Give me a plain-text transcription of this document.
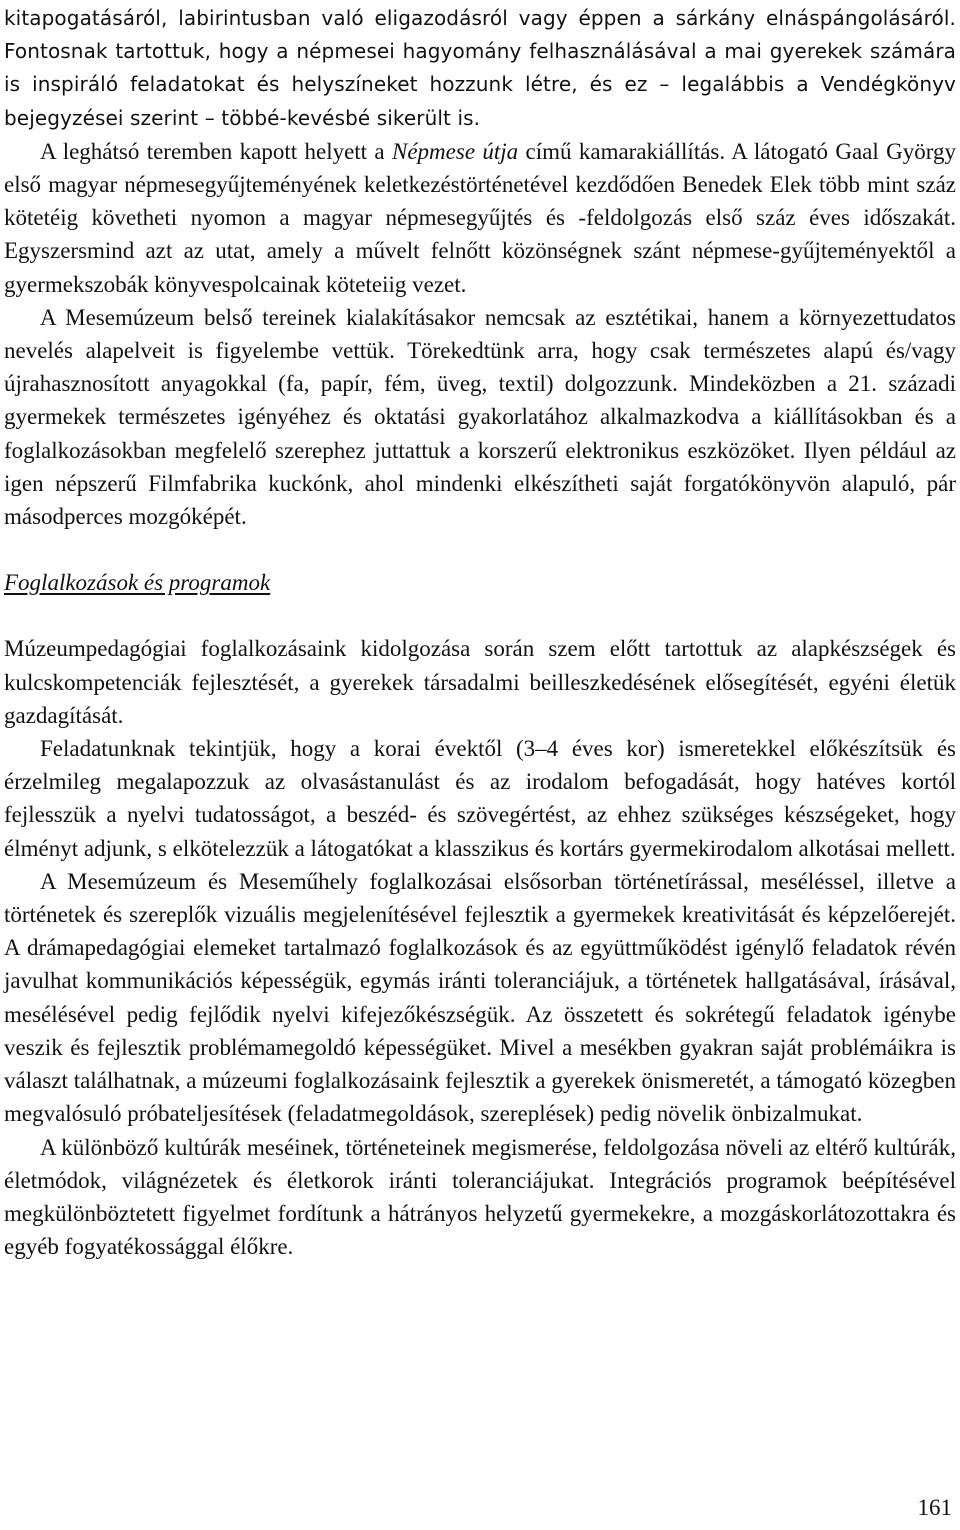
kitapogatásáról, labirintusban való eligazodásról vagy éppen a sárkány elnáspángolásáról. Fontosnak tartottuk, hogy a népmesei hagyomány felhasználásával a mai gyerekek számára is inspiráló feladatokat és helyszíneket hozzunk létre, és ez – legalábbis a Vendégkönyv bejegyzései szerint – többé-kevésbé sikerült is.

A leghátsó teremben kapott helyett a Népmese útja című kamarakiállítás. A látogató Gaal György első magyar népmesegyűjteményének keletkezéstörténetével kezdődően Benedek Elek több mint száz kötetéig követheti nyomon a magyar népmesegyűjtés és -feldolgozás első száz éves időszakát. Egyszersmind azt az utat, amely a művelt felnőtt közönségnek szánt népmese-gyűjteményektől a gyermekszobák könyvespolcainak köteteiig vezet.

A Mesemúzeum belső tereinek kialakításakor nemcsak az esztétikai, hanem a környezettudatos nevelés alapelveit is figyelembe vettük. Törekedtünk arra, hogy csak természetes alapú és/vagy újrahasznosított anyagokkal (fa, papír, fém, üveg, textil) dolgozzunk. Mindeközben a 21. századi gyermekek természetes igényéhez és oktatási gyakorlatához alkalmazkodva a kiállításokban és a foglalkozásokban megfelelő szerephez juttattuk a korszerű elektronikus eszközöket. Ilyen például az igen népszerű Filmfabrika kuckónk, ahol mindenki elkészítheti saját forgatókönyvön alapuló, pár másodperces mozgóképét.

Foglalkozások és programok

Múzeumpedagógiai foglalkozásaink kidolgozása során szem előtt tartottuk az alapkészségek és kulcskompetenciák fejlesztését, a gyerekek társadalmi beilleszkedésének elősegítését, egyéni életük gazdagítását.

Feladatunknak tekintjük, hogy a korai évektől (3–4 éves kor) ismeretekkel előkészítsük és érzelmileg megalapozzuk az olvasástanulást és az irodalom befogadását, hogy hatéves kortól fejlesszük a nyelvi tudatosságot, a beszéd- és szövegértést, az ehhez szükséges készségeket, hogy élményt adjunk, s elkötelezzük a látogatókat a klasszikus és kortárs gyermekirodalom alkotásai mellett.

A Mesemúzeum és Meseműhely foglalkozásai elsősorban történetírással, meséléssel, illetve a történetek és szereplők vizuális megjelenítésével fejlesztik a gyermekek kreativitását és képzelőerejét. A drámapedagógiai elemeket tartalmazó foglalkozások és az együttműködést igénylő feladatok révén javulhat kommunikációs képességük, egymás iránti toleranciájuk, a történetek hallgatásával, írásával, mesélésével pedig fejlődik nyelvi kifejezőkészségük. Az összetett és sokrétegű feladatok igénybe veszik és fejlesztik problémamegoldó képességüket. Mivel a mesékben gyakran saját problémáikra is választ találhatnak, a múzeumi foglalkozásaink fejlesztik a gyerekek önismeretét, a támogató közegben megvalósuló próbateljesítések (feladatmegoldások, szereplések) pedig növelik önbizalmukat.

A különböző kultúrák meséinek, történeteinek megismerése, feldolgozása növeli az eltérő kultúrák, életmódok, világnézetek és életkorok iránti toleranciájukat. Integrációs programok beépítésével megkülönböztetett figyelmet fordítunk a hátrányos helyzetű gyermekekre, a mozgáskorlátozottakra és egyéb fogyatékossággal élőkre.

161
